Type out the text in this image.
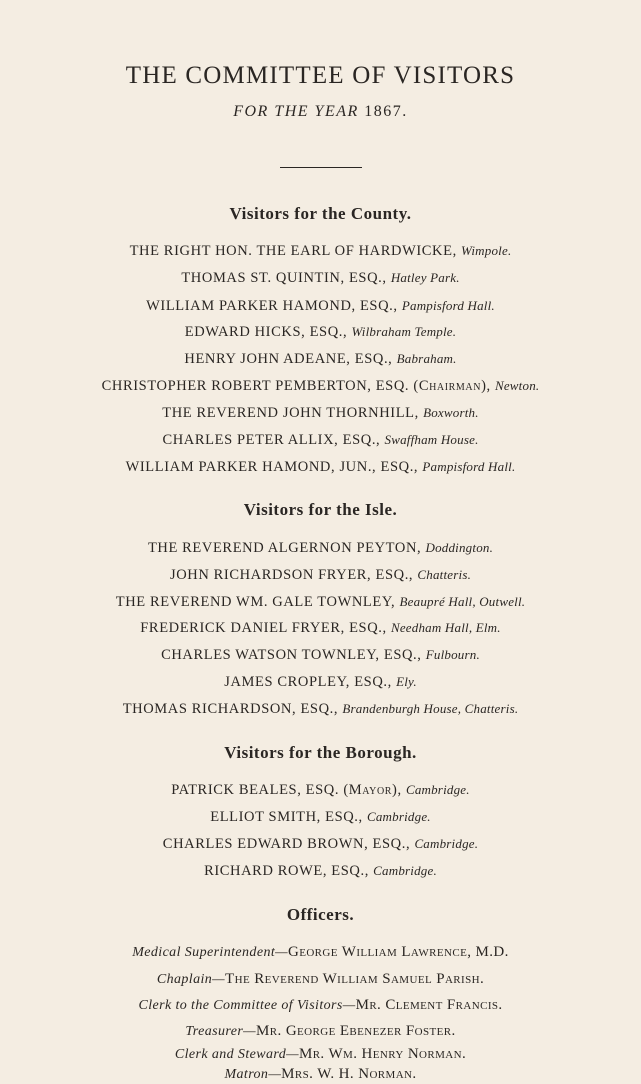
THE COMMITTEE OF VISITORS
FOR THE YEAR 1867.
Visitors for the County.
THE RIGHT HON. THE EARL OF HARDWICKE, Wimpole.
THOMAS ST. QUINTIN, ESQ., Hatley Park.
WILLIAM PARKER HAMOND, ESQ., Pampisford Hall.
EDWARD HICKS, ESQ., Wilbraham Temple.
HENRY JOHN ADEANE, ESQ., Babraham.
CHRISTOPHER ROBERT PEMBERTON, ESQ. (Chairman), Newton.
THE REVEREND JOHN THORNHILL, Boxworth.
CHARLES PETER ALLIX, ESQ., Swaffham House.
WILLIAM PARKER HAMOND, JUN., ESQ., Pampisford Hall.
Visitors for the Isle.
THE REVEREND ALGERNON PEYTON, Doddington.
JOHN RICHARDSON FRYER, ESQ., Chatteris.
THE REVEREND WM. GALE TOWNLEY, Beaupré Hall, Outwell.
FREDERICK DANIEL FRYER, ESQ., Needham Hall, Elm.
CHARLES WATSON TOWNLEY, ESQ., Fulbourn.
JAMES CROPLEY, ESQ., Ely.
THOMAS RICHARDSON, ESQ., Brandenburgh House, Chatteris.
Visitors for the Borough.
PATRICK BEALES, ESQ. (Mayor), Cambridge.
ELLIOT SMITH, ESQ., Cambridge.
CHARLES EDWARD BROWN, ESQ., Cambridge.
RICHARD ROWE, ESQ., Cambridge.
Officers.
Medical Superintendent—George William Lawrence, M.D.
Chaplain—The Reverend William Samuel Parish.
Clerk to the Committee of Visitors—Mr. Clement Francis.
Treasurer—Mr. George Ebenezer Foster.
Clerk and Steward—Mr. Wm. Henry Norman.
Matron—Mrs. W. H. Norman.
